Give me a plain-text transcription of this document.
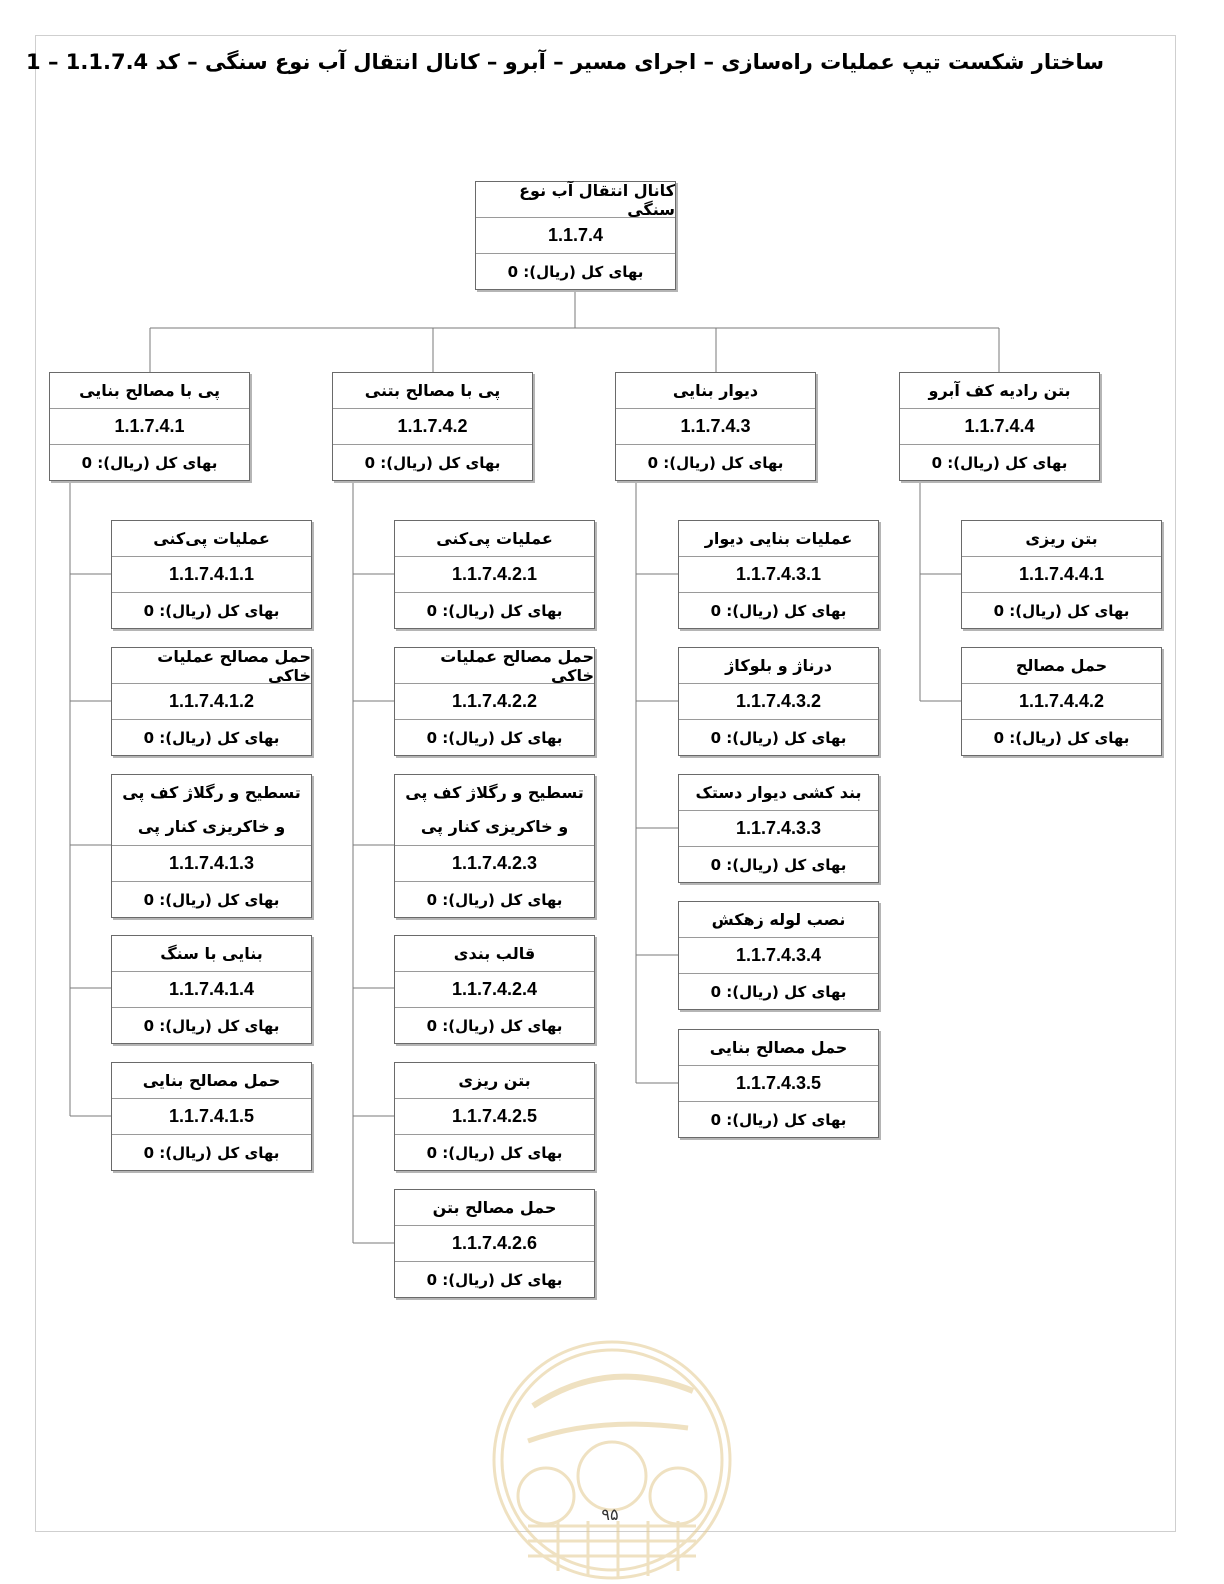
ساختار شکست تیپ عملیات راه‌سازی – اجرای مسیر – آبرو – کانال انتقال آب نوع سنگی – کد 1.1.7.4 – 1
کانال انتقال آب نوع سنگی
1.1.7.4
بهای کل (ریال): 0
پی با مصالح بنایی
1.1.7.4.1
بهای کل (ریال): 0
پی با مصالح بتنی
1.1.7.4.2
بهای کل (ریال): 0
دیوار بنایی
1.1.7.4.3
بهای کل (ریال): 0
بتن رادیه کف آبرو
1.1.7.4.4
بهای کل (ریال): 0
عملیات پی‌کنی
1.1.7.4.1.1
بهای کل (ریال): 0
حمل مصالح عملیات خاکی
1.1.7.4.1.2
بهای کل (ریال): 0
تسطیح و رگلاژ کف پی و خاکریزی کنار پی
1.1.7.4.1.3
بهای کل (ریال): 0
بنایی با سنگ
1.1.7.4.1.4
بهای کل (ریال): 0
حمل مصالح بنایی
1.1.7.4.1.5
بهای کل (ریال): 0
عملیات پی‌کنی
1.1.7.4.2.1
بهای کل (ریال): 0
حمل مصالح عملیات خاکی
1.1.7.4.2.2
بهای کل (ریال): 0
تسطیح و رگلاژ کف پی و خاکریزی کنار پی
1.1.7.4.2.3
بهای کل (ریال): 0
قالب بندی
1.1.7.4.2.4
بهای کل (ریال): 0
بتن ریزی
1.1.7.4.2.5
بهای کل (ریال): 0
حمل مصالح بتن
1.1.7.4.2.6
بهای کل (ریال): 0
عملیات بنایی دیوار
1.1.7.4.3.1
بهای کل (ریال): 0
درناژ و بلوکاژ
1.1.7.4.3.2
بهای کل (ریال): 0
بند کشی دیوار دستک
1.1.7.4.3.3
بهای کل (ریال): 0
نصب لوله زهکش
1.1.7.4.3.4
بهای کل (ریال): 0
حمل مصالح بنایی
1.1.7.4.3.5
بهای کل (ریال): 0
بتن ریزی
1.1.7.4.4.1
بهای کل (ریال): 0
حمل مصالح
1.1.7.4.4.2
بهای کل (ریال): 0
۹۵
